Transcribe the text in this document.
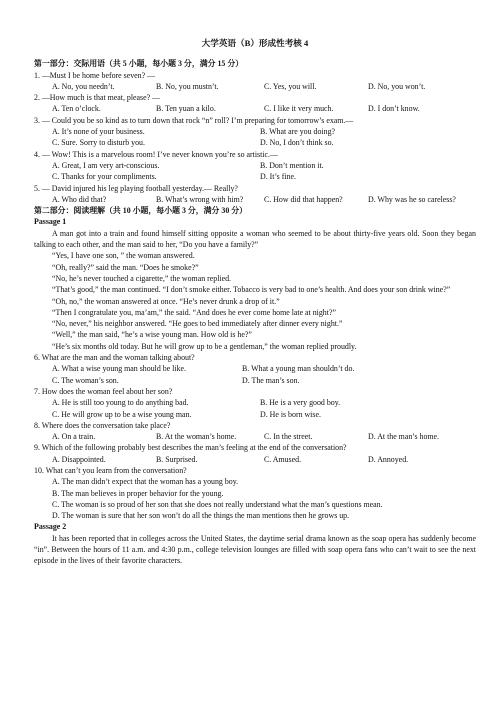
大学英语（B）形成性考核 4
第一部分：交际用语（共 5 小题，每小题 3 分，满分 15 分）
1. —Must I be home before seven? —
A. No, you needn’t.	B. No, you mustn’t.	C. Yes, you will.	D. No, you won’t.
2. —How much is that meat, please? —
A. Ten o’clock.	B. Ten yuan a kilo.	C. I like it very much.	D. I don’t know.
3. — Could you be so kind as to turn down that rock “n” roll? I’m preparing for tomorrow’s exam.—
A. It’s none of your business.	B. What are you doing?
C. Sure. Sorry to disturb you.	D. No, I don’t think so.
4. — Wow! This is a marvelous room! I’ve never known you’re so artistic.—
A. Great, I am very art-conscious.	B. Don’t mention it.
C. Thanks for your compliments.	D. It’s fine.
5. — David injured his leg playing football yesterday.— Really?
A. Who did that?	B. What’s wrong with him?	C. How did that happen?	D. Why was he so careless?
第二部分：阅读理解（共 10 小题，每小题 3 分，满分 30 分）
Passage 1

A man got into a train and found himself sitting opposite a woman who seemed to be about thirty-five years old. Soon they began talking to each other, and the man said to her, “Do you have a family?”

“Yes, I have one son, ” the woman answered.

“Oh, really?” said the man. “Does he smoke?”

“No, he’s never touched a cigarette,” the woman replied.

“That’s good,” the man continued. “I don’t smoke either. Tobacco is very bad to one’s health. And does your son drink wine?”

“Oh, no,” the woman answered at once. “He’s never drunk a drop of it.”

“Then I congratulate you, ma’am,” the said. “And does he ever come home late at night?”

“No, never,” his neighbor answered. “He goes to bed immediately after dinner every night.”

“Well,” the man said, “he’s a wise young man. How old is he?”

“He’s six months old today. But he will grow up to be a gentleman,” the woman replied proudly.

6. What are the man and the woman talking about?
A. What a wise young man should be like.	B. What a young man shouldn’t do.
C. The woman’s son.	D. The man’s son.
7. How does the woman feel about her son?
A. He is still too young to do anything bad.	B. He is a very good boy.
C. He will grow up to be a wise young man.	D. He is born wise.
8. Where does the conversation take place?
A. On a train.	B. At the woman’s home.	C. In the street.	D. At the man’s home.
9. Which of the following probably best describes the man’s feeling at the end of the conversation?
A. Disappointed.	B. Surprised.	C. Amused.	D. Annoyed.
10. What can’t you learn from the conversation?
A. The man didn’t expect that the woman has a young boy.
B. The man believes in proper behavior for the young.
C. The woman is so proud of her son that she does not really understand what the man’s questions mean.
D. The woman is sure that her son won’t do all the things the man mentions then he grows up.
Passage 2

It has been reported that in colleges across the United States, the daytime serial drama known as the soap opera has suddenly become “in”. Between the hours of 11 a.m. and 4:30 p.m., college television lounges are filled with soap opera fans who can’t wait to see the next episode in the lives of their favorite characters.
